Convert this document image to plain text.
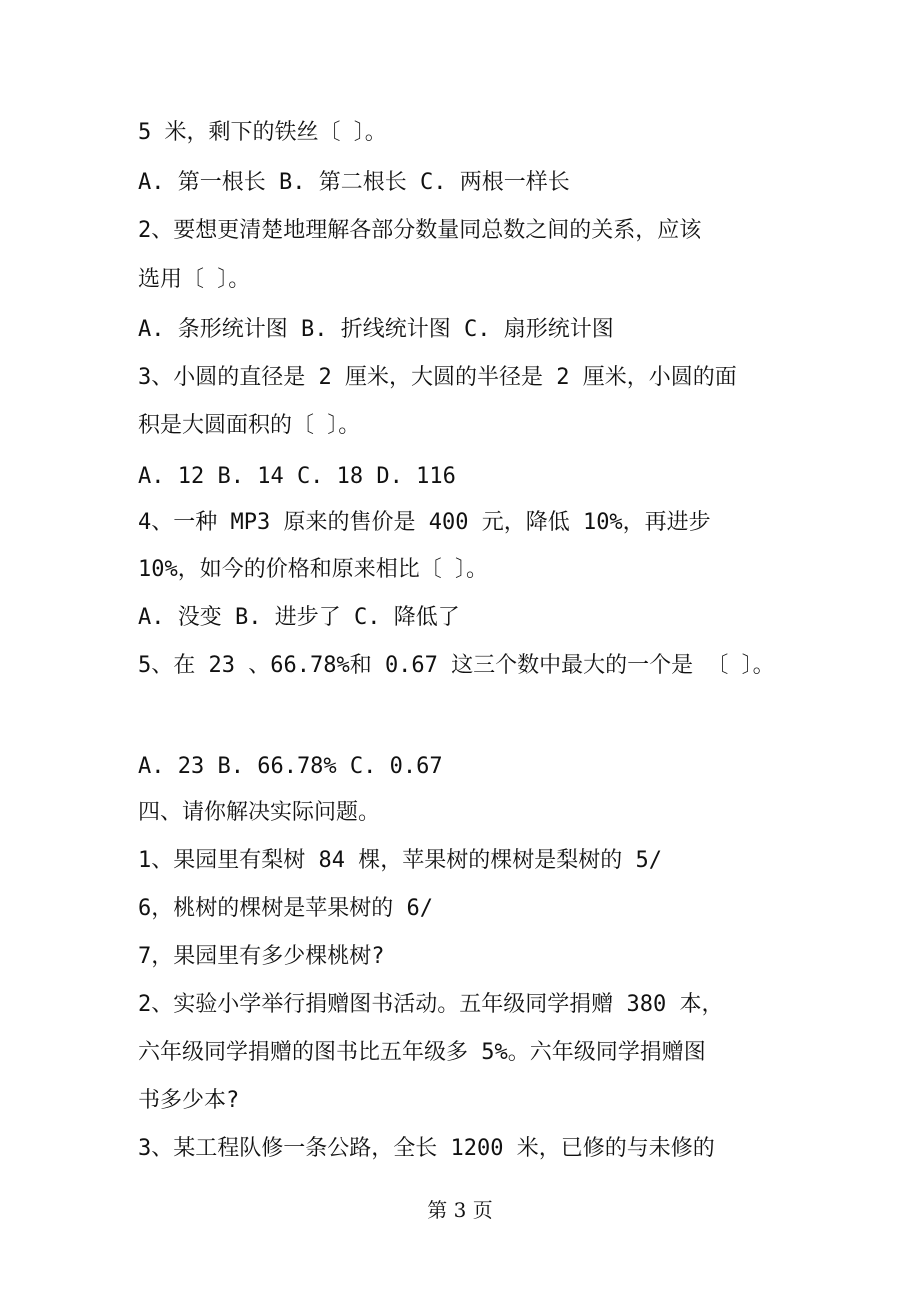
5 米，剩下的铁丝〔 〕。
A. 第一根长 B. 第二根长 C. 两根一样长
2、要想更清楚地理解各部分数量同总数之间的关系，应该
选用〔 〕。
A. 条形统计图 B. 折线统计图 C. 扇形统计图
3、小圆的直径是 2 厘米，大圆的半径是 2 厘米，小圆的面
积是大圆面积的〔 〕。
A. 12 B. 14 C. 18 D. 116
4、一种 MP3 原来的售价是 400 元，降低 10%，再进步
10%，如今的价格和原来相比〔 〕。
A. 没变 B. 进步了 C. 降低了
5、在 23 、66.78%和 0.67 这三个数中最大的一个是 〔 〕。
A. 23 B. 66.78% C. 0.67
四、请你解决实际问题。
1、果园里有梨树 84 棵，苹果树的棵树是梨树的 5/
6，桃树的棵树是苹果树的 6/
7，果园里有多少棵桃树?
2、实验小学举行捐赠图书活动。五年级同学捐赠 380 本，
六年级同学捐赠的图书比五年级多 5%。六年级同学捐赠图
书多少本?
3、某工程队修一条公路，全长 1200 米，已修的与未修的
第 3 页
